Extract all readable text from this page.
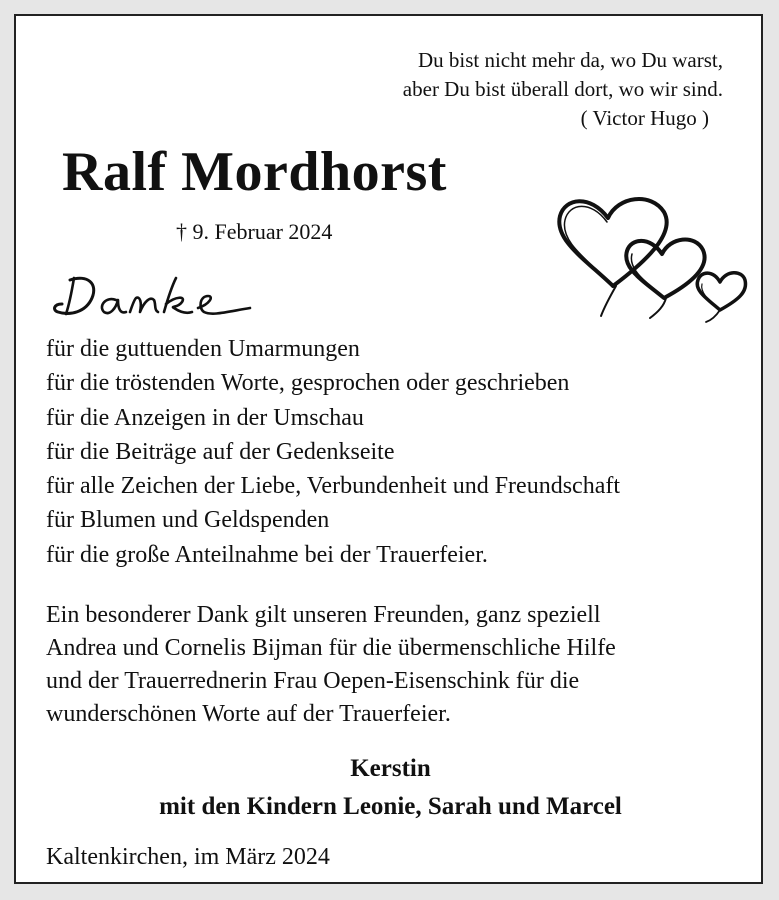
Du bist nicht mehr da, wo Du warst,
aber Du bist überall dort, wo wir sind.

( Victor Hugo )
Ralf Mordhorst
† 9. Februar 2024
für die guttuenden Umarmungen
für die tröstenden Worte, gesprochen oder geschrieben
für die Anzeigen in der Umschau
für die Beiträge auf der Gedenkseite
für alle Zeichen der Liebe, Verbundenheit und Freundschaft
für Blumen und Geldspenden
für die große Anteilnahme bei der Trauerfeier.

Ein besonderer Dank gilt unseren Freunden, ganz speziell
Andrea und Cornelis Bijman für die übermenschliche Hilfe
und der Trauerrednerin Frau Oepen-Eisenschink für die
wunderschönen Worte auf der Trauerfeier.

Kerstin
mit den Kindern Leonie, Sarah und Marcel
Kaltenkirchen, im März 2024
